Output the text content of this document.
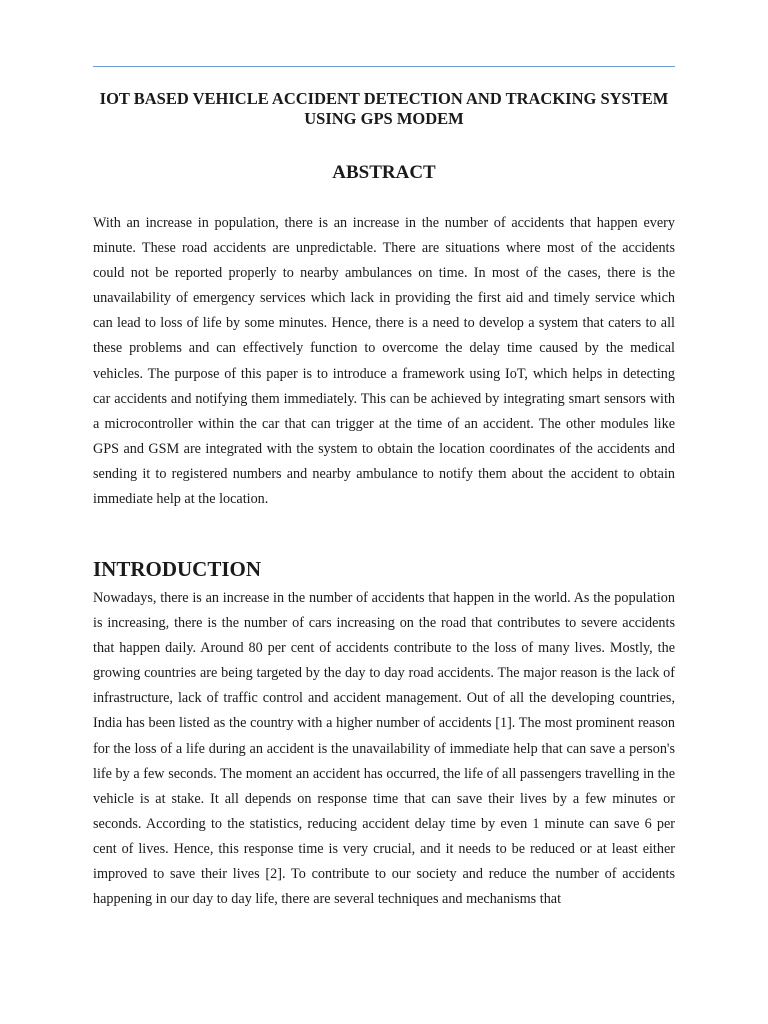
IOT BASED VEHICLE ACCIDENT DETECTION AND TRACKING SYSTEM USING GPS MODEM
ABSTRACT

With an increase in population, there is an increase in the number of accidents that happen every minute. These road accidents are unpredictable. There are situations where most of the accidents could not be reported properly to nearby ambulances on time. In most of the cases, there is the unavailability of emergency services which lack in providing the first aid and timely service which can lead to loss of life by some minutes. Hence, there is a need to develop a system that caters to all these problems and can effectively function to overcome the delay time caused by the medical vehicles. The purpose of this paper is to introduce a framework using IoT, which helps in detecting car accidents and notifying them immediately. This can be achieved by integrating smart sensors with a microcontroller within the car that can trigger at the time of an accident. The other modules like GPS and GSM are integrated with the system to obtain the location coordinates of the accidents and sending it to registered numbers and nearby ambulance to notify them about the accident to obtain immediate help at the location.

INTRODUCTION

Nowadays, there is an increase in the number of accidents that happen in the world. As the population is increasing, there is the number of cars increasing on the road that contributes to severe accidents that happen daily. Around 80 per cent of accidents contribute to the loss of many lives. Mostly, the growing countries are being targeted by the day to day road accidents. The major reason is the lack of infrastructure, lack of traffic control and accident management. Out of all the developing countries, India has been listed as the country with a higher number of accidents [1]. The most prominent reason for the loss of a life during an accident is the unavailability of immediate help that can save a person's life by a few seconds. The moment an accident has occurred, the life of all passengers travelling in the vehicle is at stake. It all depends on response time that can save their lives by a few minutes or seconds. According to the statistics, reducing accident delay time by even 1 minute can save 6 per cent of lives. Hence, this response time is very crucial, and it needs to be reduced or at least either improved to save their lives [2]. To contribute to our society and reduce the number of accidents happening in our day to day life, there are several techniques and mechanisms that
